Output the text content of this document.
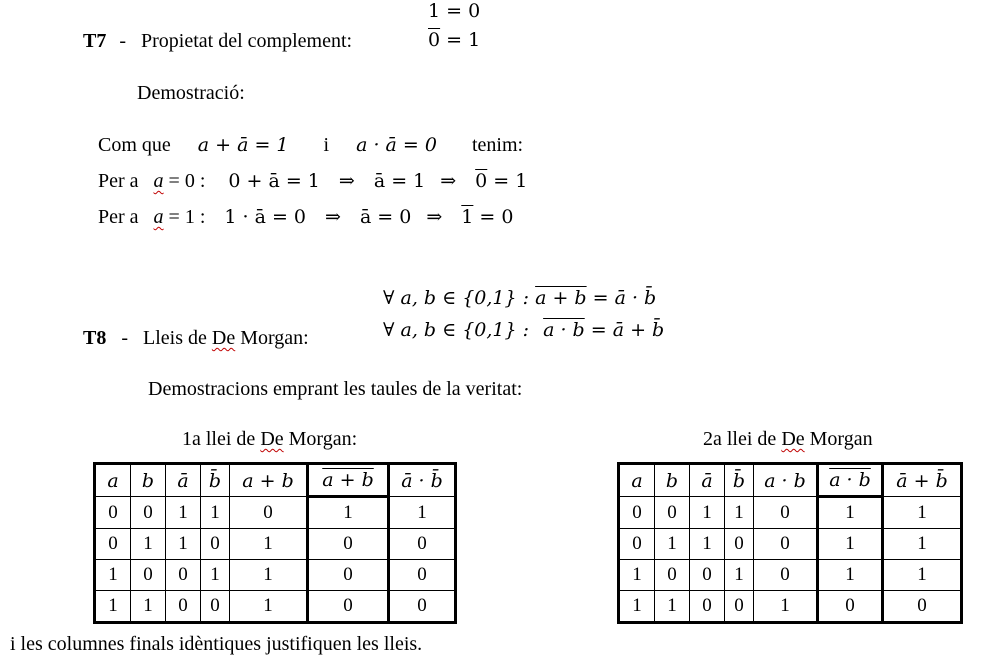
T7 - Propietat del complement:
1 = 0
0 = 1
Demostració:
Com que a + ā = 1 i a · ā = 0 tenim:
Per a a = 0 : 0 + ā = 1 ⇒ ā = 1 ⇒ 0 = 1
Per a a = 1 : 1 · ā = 0 ⇒ ā = 0 ⇒ 1 = 0
∀ a, b ∈ {0,1} : a + b = ā · b̄
∀ a, b ∈ {0,1} : a · b = ā + b̄
T8 - Lleis de De Morgan:
Demostracions emprant les taules de la veritat:
1a llei de De Morgan:	2a llei de De Morgan
a	b	ā	b̄	a + b	a + b	ā · b̄
0	0	1	1	0	1	1
0	1	1	0	1	0	0
1	0	0	1	1	0	0
1	1	0	0	1	0	0
a	b	ā	b̄	a · b	a · b	ā + b̄
0	0	1	1	0	1	1
0	1	1	0	0	1	1
1	0	0	1	0	1	1
1	1	0	0	1	0	0
i les columnes finals idèntiques justifiquen les lleis.
